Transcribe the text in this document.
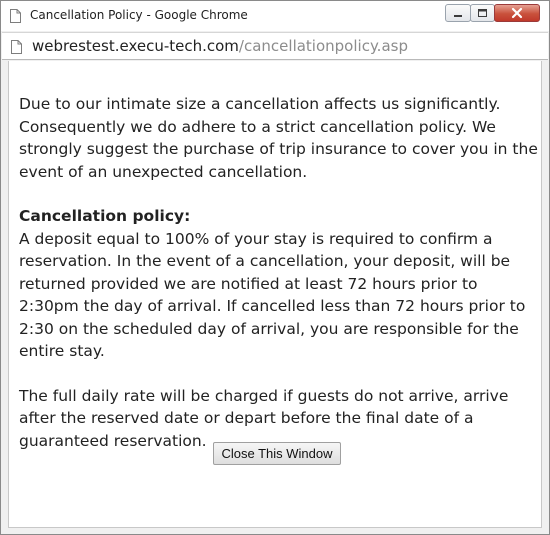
Cancellation Policy - Google Chrome
webrestest.execu-tech.com/cancellationpolicy.asp

Due to our intimate size a cancellation affects us significantly. Consequently we do adhere to a strict cancellation policy. We strongly suggest the purchase of trip insurance to cover you in the event of an unexpected cancellation.

Cancellation policy:

A deposit equal to 100% of your stay is required to confirm a reservation. In the event of a cancellation, your deposit, will be returned provided we are notified at least 72 hours prior to 2:30pm the day of arrival. If cancelled less than 72 hours prior to 2:30 on the scheduled day of arrival, you are responsible for the entire stay.

The full daily rate will be charged if guests do not arrive, arrive after the reserved date or depart before the final date of a guaranteed reservation.

Close This Window
